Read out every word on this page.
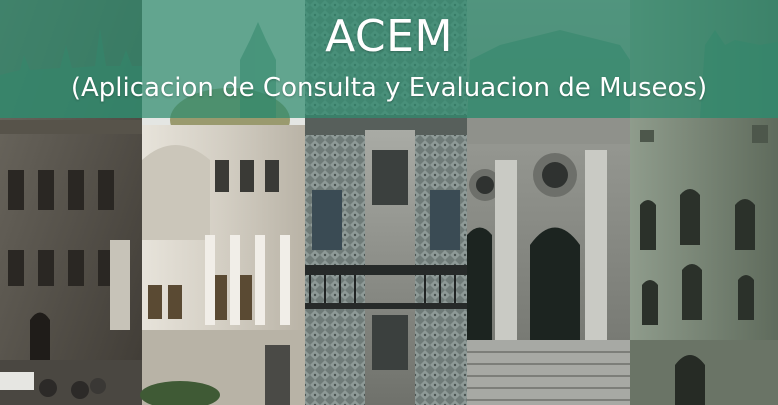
ACEM
(Aplicacion de Consulta y Evaluacion de Museos)
